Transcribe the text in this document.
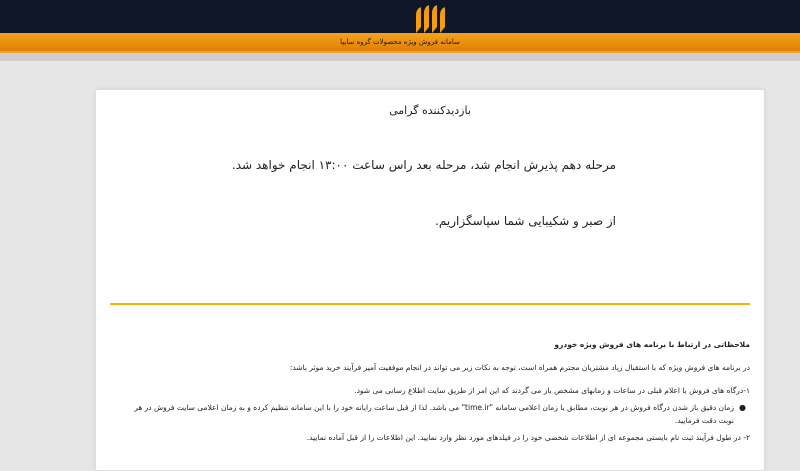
سامانه فروش ویژه محصولات گروه سایپا
بازدیدکننده گرامی
مرحله دهم پذیرش انجام شد، مرحله بعد راس ساعت ۱۳:۰۰ انجام خواهد شد.
از صبر و شکیبایی شما سپاسگزاریم.
ملاحظاتی در ارتباط با برنامه های فروش ویژه خودرو
در برنامه های فروش ویژه که با استقبال زیاد مشتریان محترم همراه است، توجه به نکات زیر می تواند در انجام موفقیت آمیز فرآیند خرید موثر باشد:
۱-درگاه های فروش با اعلام قبلی در ساعات و زمانهای مشخص باز می گردند که این امر از طریق سایت اطلاع رسانی می شود.
●
زمان دقیق باز شدن درگاه فروش در هر نوبت، مطابق با زمان اعلامی سامانه "time.ir" می باشد. لذا از قبل ساعت رایانه خود را با این سامانه تنظیم کرده و به زمان اعلامی سایت فروش در هر نوبت دقت فرمایید.
۲- در طول فرآیند ثبت نام بایستی مجموعه ای از اطلاعات شخصی خود را در فیلدهای مورد نظر وارد نمایید. این اطلاعات را از قبل آماده نمایید.
